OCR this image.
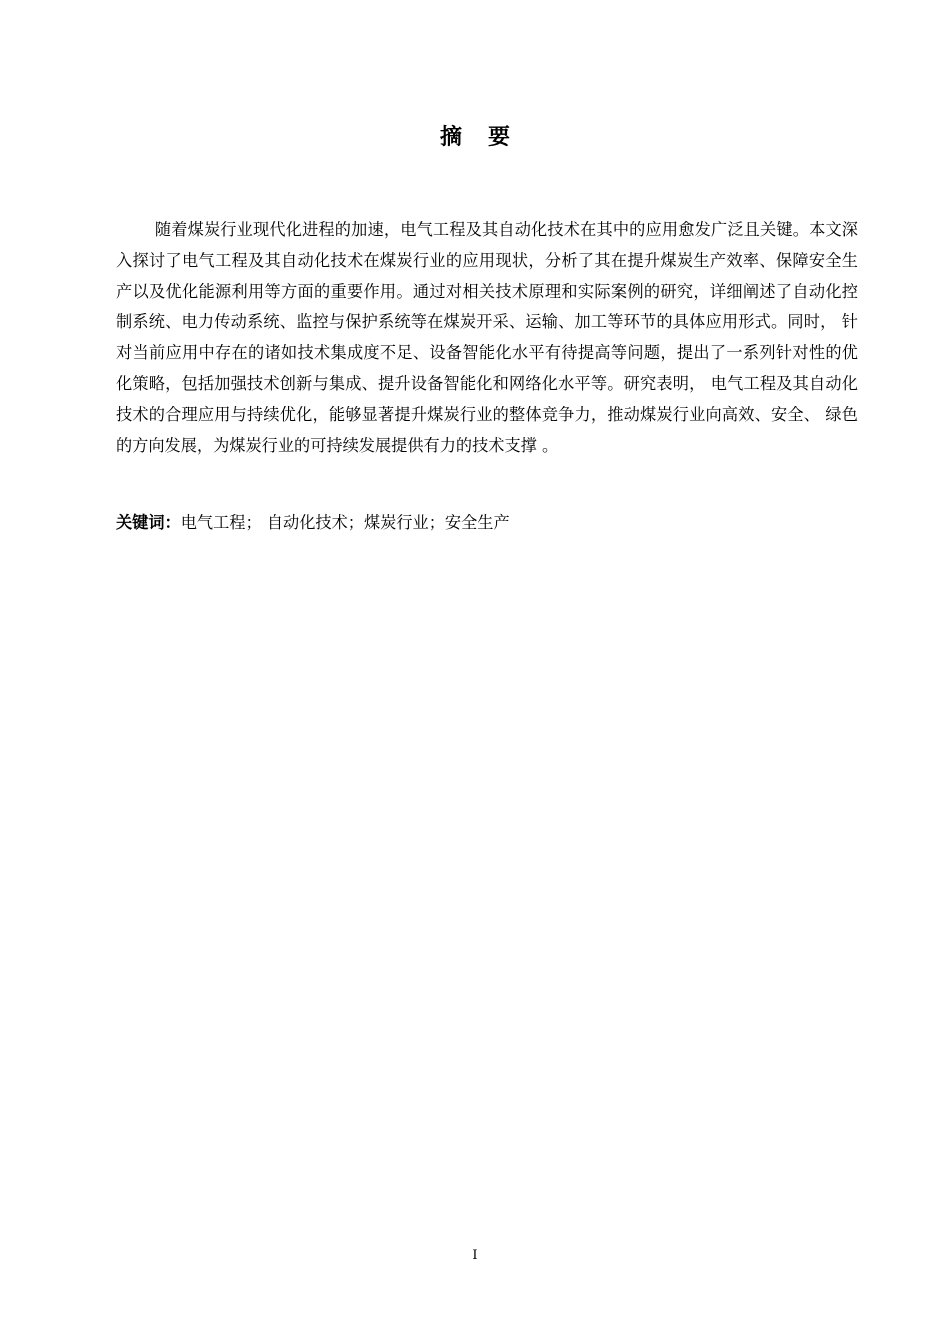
摘要

随着煤炭行业现代化进程的加速，电气工程及其自动化技术在其中的应用愈发广泛且关键。本文深入探讨了电气工程及其自动化技术在煤炭行业的应用现状，分析了其在提升煤炭生产效率、保障安全生产以及优化能源利用等方面的重要作用。通过对相关技术原理和实际案例的研究，详细阐述了自动化控制系统、电力传动系统、监控与保护系统等在煤炭开采、运输、加工等环节的具体应用形式。同时， 针对当前应用中存在的诸如技术集成度不足、设备智能化水平有待提高等问题，提出了一系列针对性的优化策略，包括加强技术创新与集成、提升设备智能化和网络化水平等。研究表明， 电气工程及其自动化技术的合理应用与持续优化，能够显著提升煤炭行业的整体竞争力，推动煤炭行业向高效、安全、 绿色的方向发展，为煤炭行业的可持续发展提供有力的技术支撑 。

关键词：电气工程； 自动化技术；煤炭行业；安全生产

I
